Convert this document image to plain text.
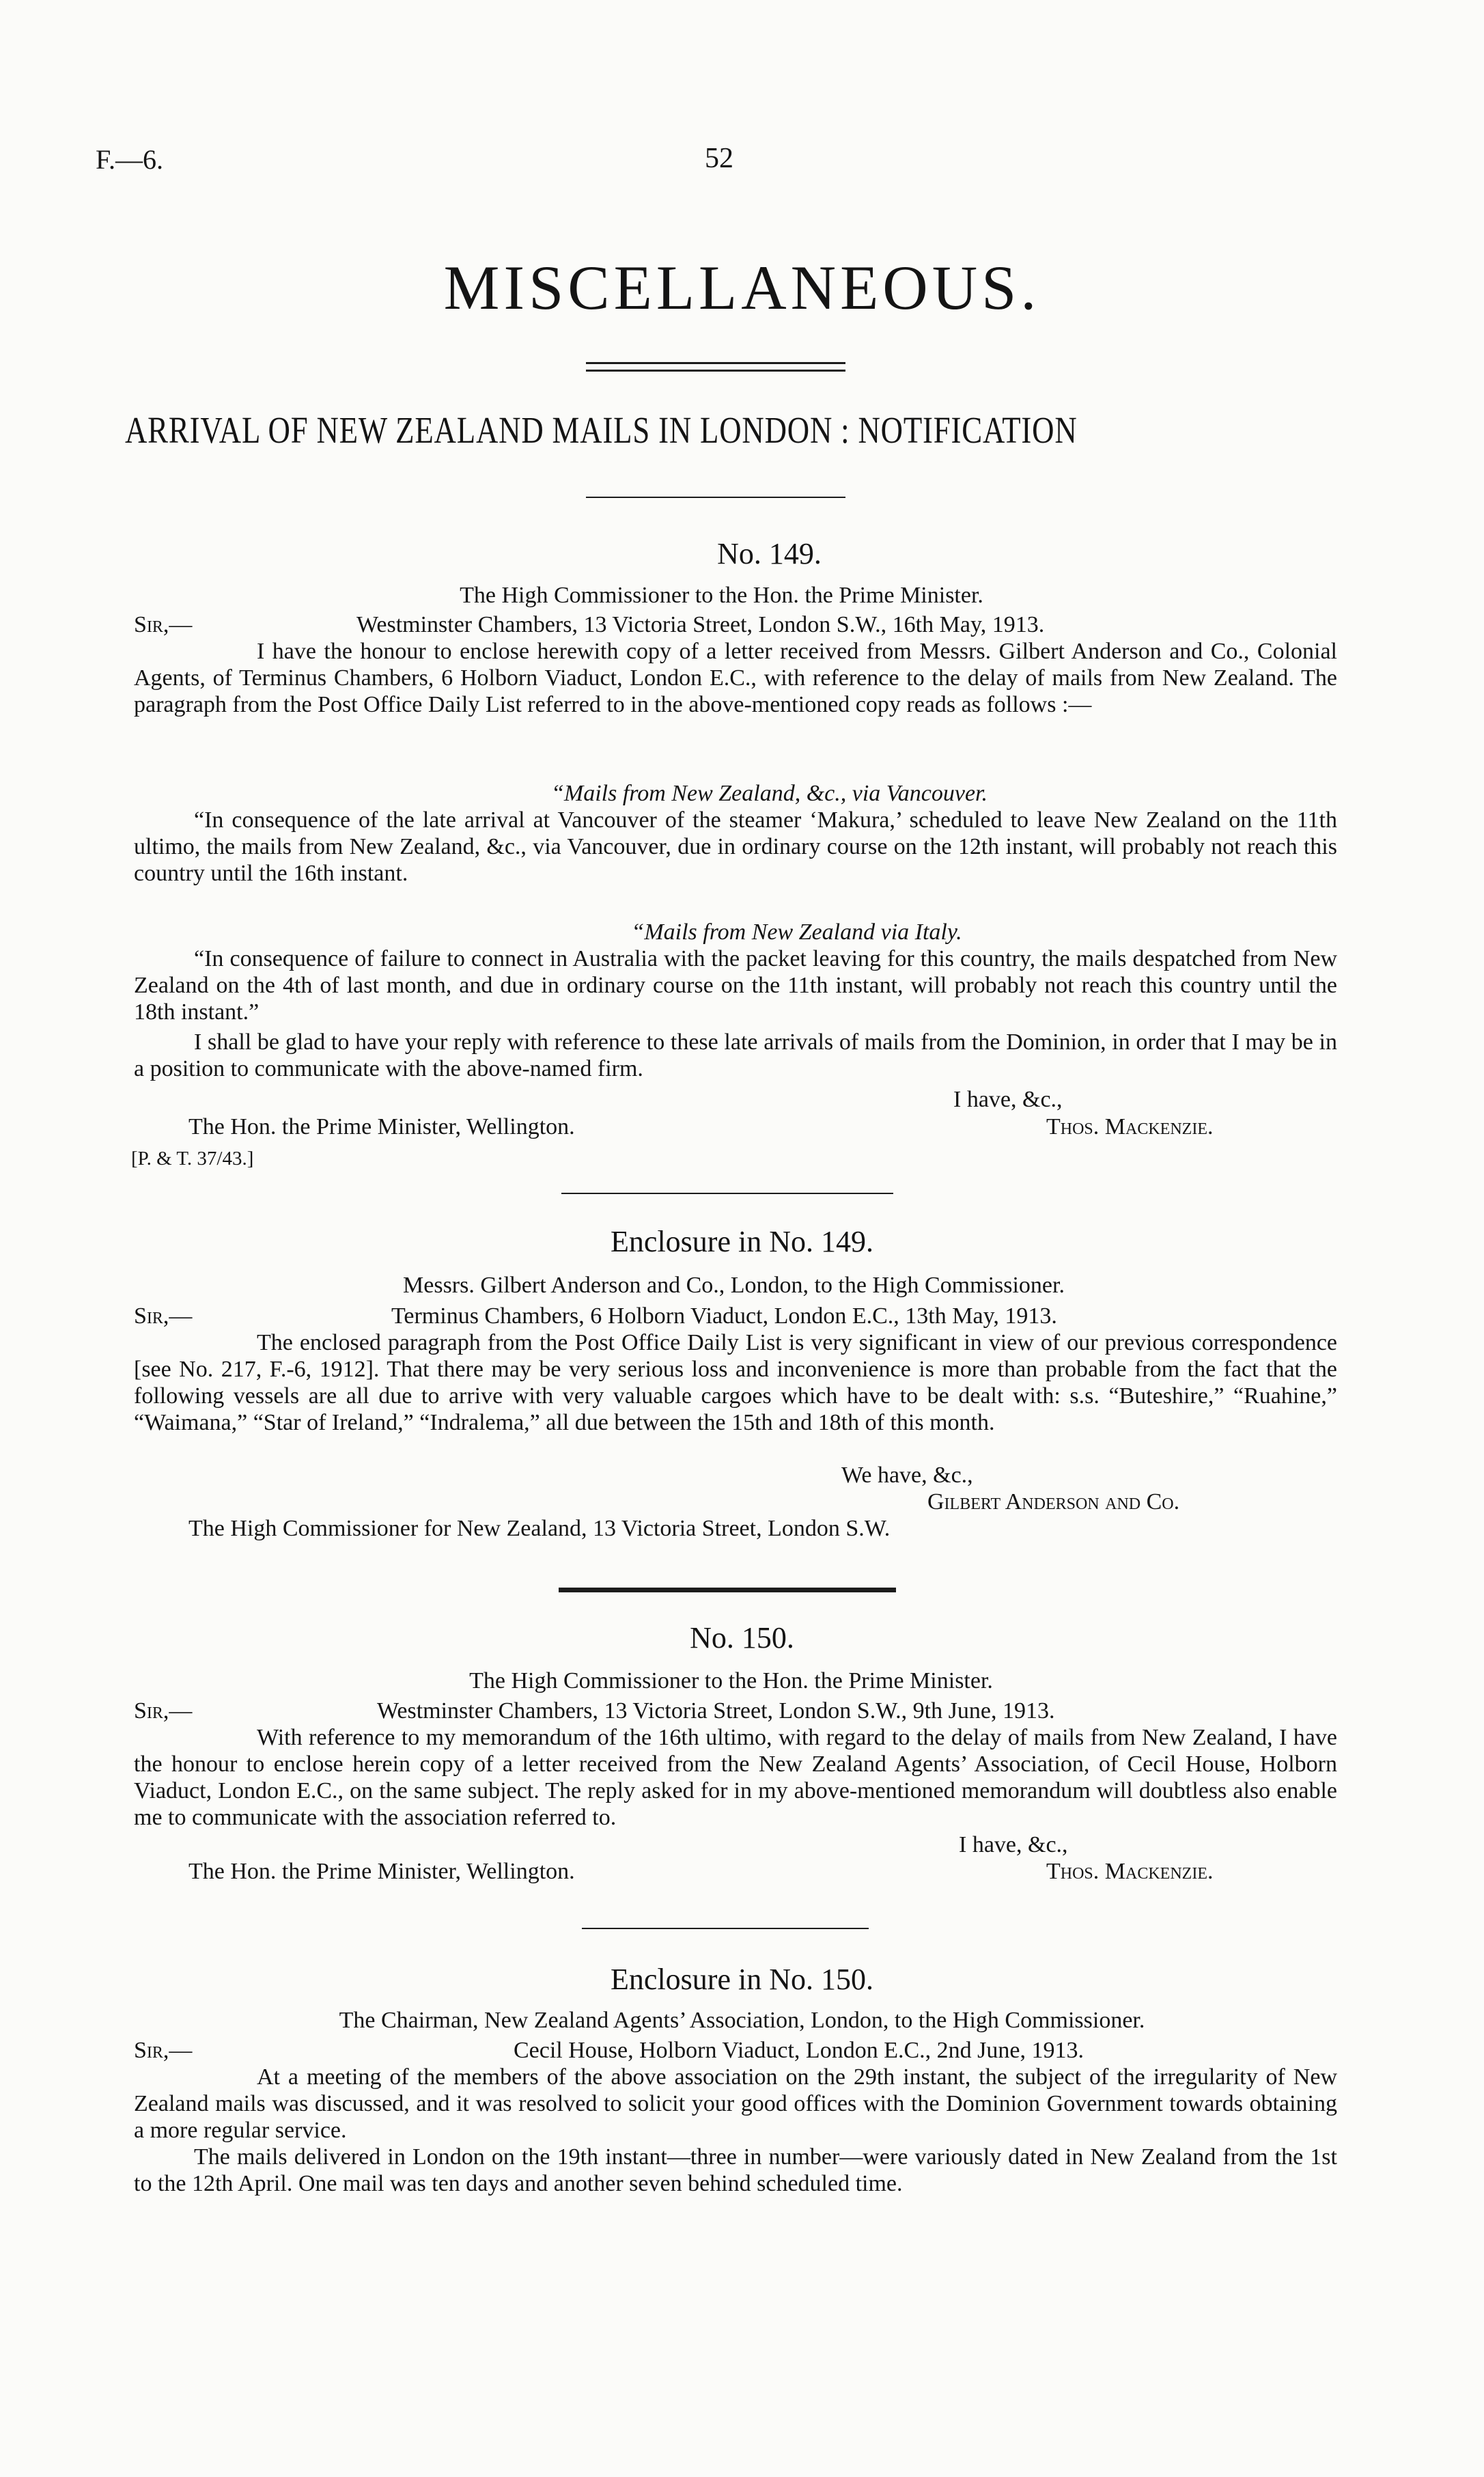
F.—6.	52
MISCELLANEOUS.
ARRIVAL OF NEW ZEALAND MAILS IN LONDON : NOTIFICATION
No. 149.
The High Commissioner to the Hon. the Prime Minister.
Sir,—	Westminster Chambers, 13 Victoria Street, London S.W., 16th May, 1913.
I have the honour to enclose herewith copy of a letter received from Messrs. Gilbert Anderson and Co., Colonial Agents, of Terminus Chambers, 6 Holborn Viaduct, London E.C., with reference to the delay of mails from New Zealand. The paragraph from the Post Office Daily List referred to in the above-mentioned copy reads as follows :—
“Mails from New Zealand, &c., via Vancouver.
“In consequence of the late arrival at Vancouver of the steamer ‘Makura,’ scheduled to leave New Zealand on the 11th ultimo, the mails from New Zealand, &c., via Vancouver, due in ordinary course on the 12th instant, will probably not reach this country until the 16th instant.
“Mails from New Zealand via Italy.
“In consequence of failure to connect in Australia with the packet leaving for this country, the mails despatched from New Zealand on the 4th of last month, and due in ordinary course on the 11th instant, will probably not reach this country until the 18th instant.”
I shall be glad to have your reply with reference to these late arrivals of mails from the Dominion, in order that I may be in a position to communicate with the above-named firm.
I have, &c.,
The Hon. the Prime Minister, Wellington.	Thos. Mackenzie.
[P. & T. 37/43.]
Enclosure in No. 149.
Messrs. Gilbert Anderson and Co., London, to the High Commissioner.
Sir,—	Terminus Chambers, 6 Holborn Viaduct, London E.C., 13th May, 1913.
The enclosed paragraph from the Post Office Daily List is very significant in view of our previous correspondence [see No. 217, F.-6, 1912]. That there may be very serious loss and inconvenience is more than probable from the fact that the following vessels are all due to arrive with very valuable cargoes which have to be dealt with: s.s. “Buteshire,” “Ruahine,” “Waimana,” “Star of Ireland,” “Indralema,” all due between the 15th and 18th of this month.
We have, &c.,
Gilbert Anderson and Co.
The High Commissioner for New Zealand, 13 Victoria Street, London S.W.
No. 150.
The High Commissioner to the Hon. the Prime Minister.
Sir,—	Westminster Chambers, 13 Victoria Street, London S.W., 9th June, 1913.
With reference to my memorandum of the 16th ultimo, with regard to the delay of mails from New Zealand, I have the honour to enclose herein copy of a letter received from the New Zealand Agents’ Association, of Cecil House, Holborn Viaduct, London E.C., on the same subject. The reply asked for in my above-mentioned memorandum will doubtless also enable me to communicate with the association referred to.
I have, &c.,
The Hon. the Prime Minister, Wellington.	Thos. Mackenzie.
Enclosure in No. 150.
The Chairman, New Zealand Agents’ Association, London, to the High Commissioner.
Sir,—	Cecil House, Holborn Viaduct, London E.C., 2nd June, 1913.
At a meeting of the members of the above association on the 29th instant, the subject of the irregularity of New Zealand mails was discussed, and it was resolved to solicit your good offices with the Dominion Government towards obtaining a more regular service.
The mails delivered in London on the 19th instant—three in number—were variously dated in New Zealand from the 1st to the 12th April. One mail was ten days and another seven behind scheduled time.
